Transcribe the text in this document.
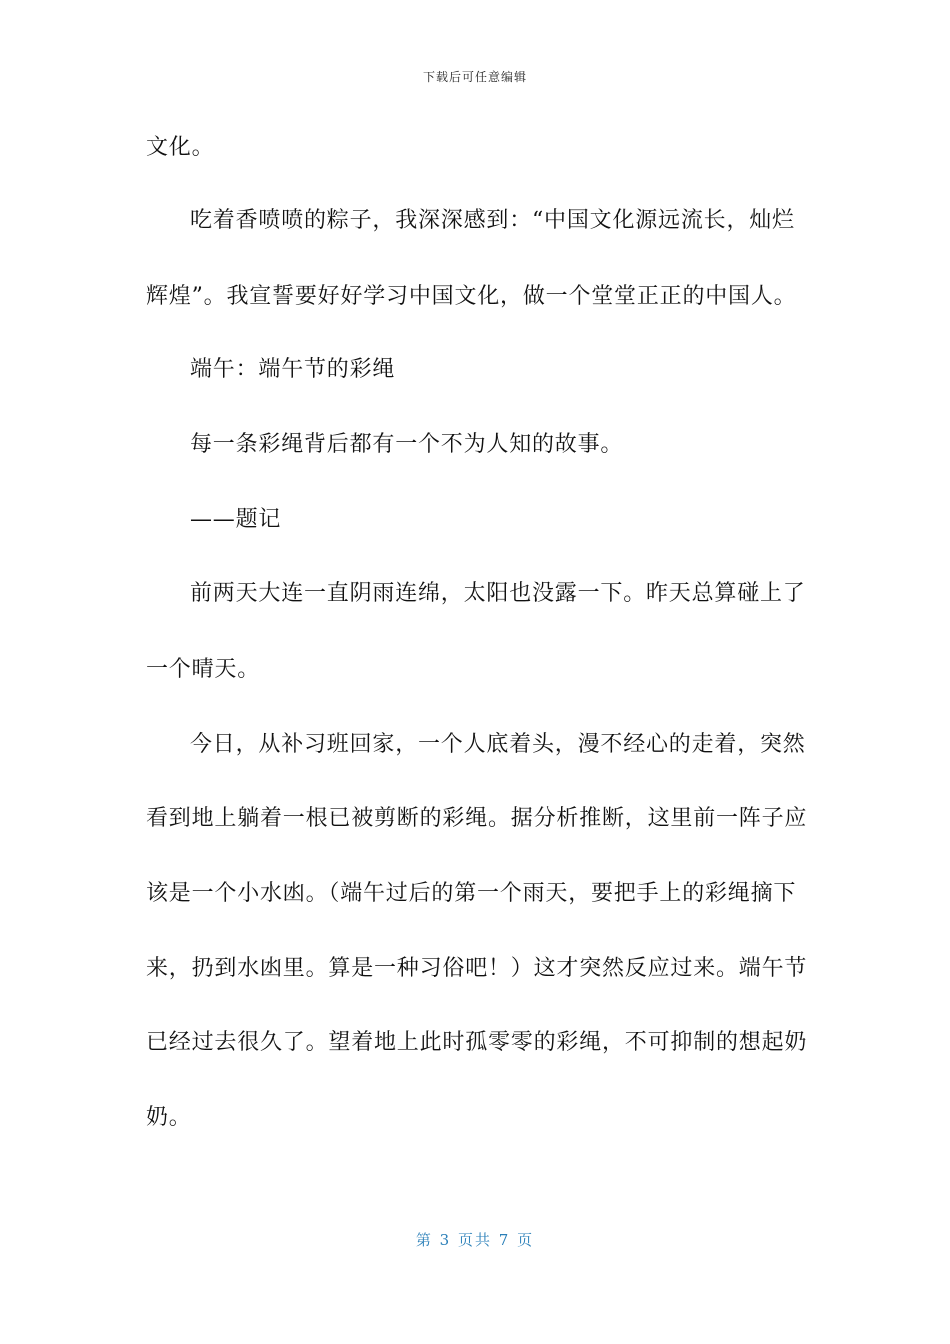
下载后可任意编辑
文化。
吃着香喷喷的粽子，我深深感到：“中国文化源远流长，灿烂
辉煌”。我宣誓要好好学习中国文化，做一个堂堂正正的中国人。
端午：端午节的彩绳
每一条彩绳背后都有一个不为人知的故事。
——题记
前两天大连一直阴雨连绵，太阳也没露一下。昨天总算碰上了
一个晴天。
今日，从补习班回家，一个人底着头，漫不经心的走着，突然
看到地上躺着一根已被剪断的彩绳。据分析推断，这里前一阵子应
该是一个小水凼。（端午过后的第一个雨天，要把手上的彩绳摘下
来，扔到水凼里。算是一种习俗吧！）这才突然反应过来。端午节
已经过去很久了。望着地上此时孤零零的彩绳，不可抑制的想起奶
奶。
第 3 页共 7 页
